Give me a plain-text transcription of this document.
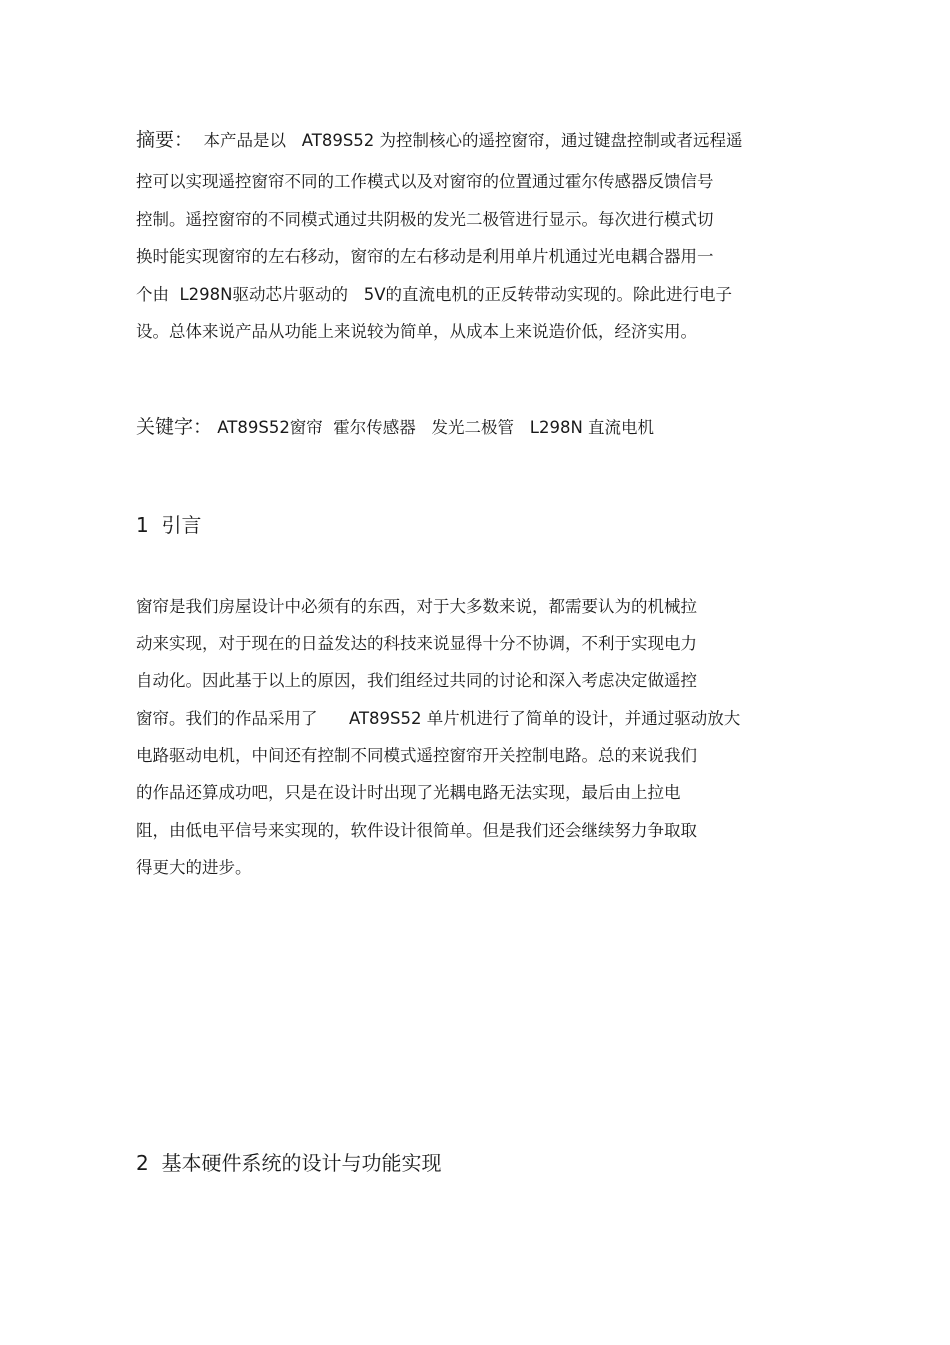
摘要：  本产品是以   AT89S52 为控制核心的遥控窗帘，通过键盘控制或者远程遥
控可以实现遥控窗帘不同的工作模式以及对窗帘的位置通过霍尔传感器反馈信号
控制。遥控窗帘的不同模式通过共阴极的发光二极管进行显示。每次进行模式切
换时能实现窗帘的左右移动，窗帘的左右移动是利用单片机通过光电耦合器用一
个由  L298N驱动芯片驱动的   5V的直流电机的正反转带动实现的。除此进行电子
设。总体来说产品从功能上来说较为简单，从成本上来说造价低，经济实用。
关键字： AT89S52窗帘  霍尔传感器   发光二极管   L298N 直流电机
1  引言
窗帘是我们房屋设计中必须有的东西，对于大多数来说，都需要认为的机械拉
动来实现，对于现在的日益发达的科技来说显得十分不协调，不利于实现电力
自动化。因此基于以上的原因，我们组经过共同的讨论和深入考虑决定做遥控
窗帘。我们的作品采用了      AT89S52 单片机进行了简单的设计，并通过驱动放大
电路驱动电机，中间还有控制不同模式遥控窗帘开关控制电路。总的来说我们
的作品还算成功吧，只是在设计时出现了光耦电路无法实现，最后由上拉电
阻，由低电平信号来实现的，软件设计很简单。但是我们还会继续努力争取取
得更大的进步。
2  基本硬件系统的设计与功能实现
